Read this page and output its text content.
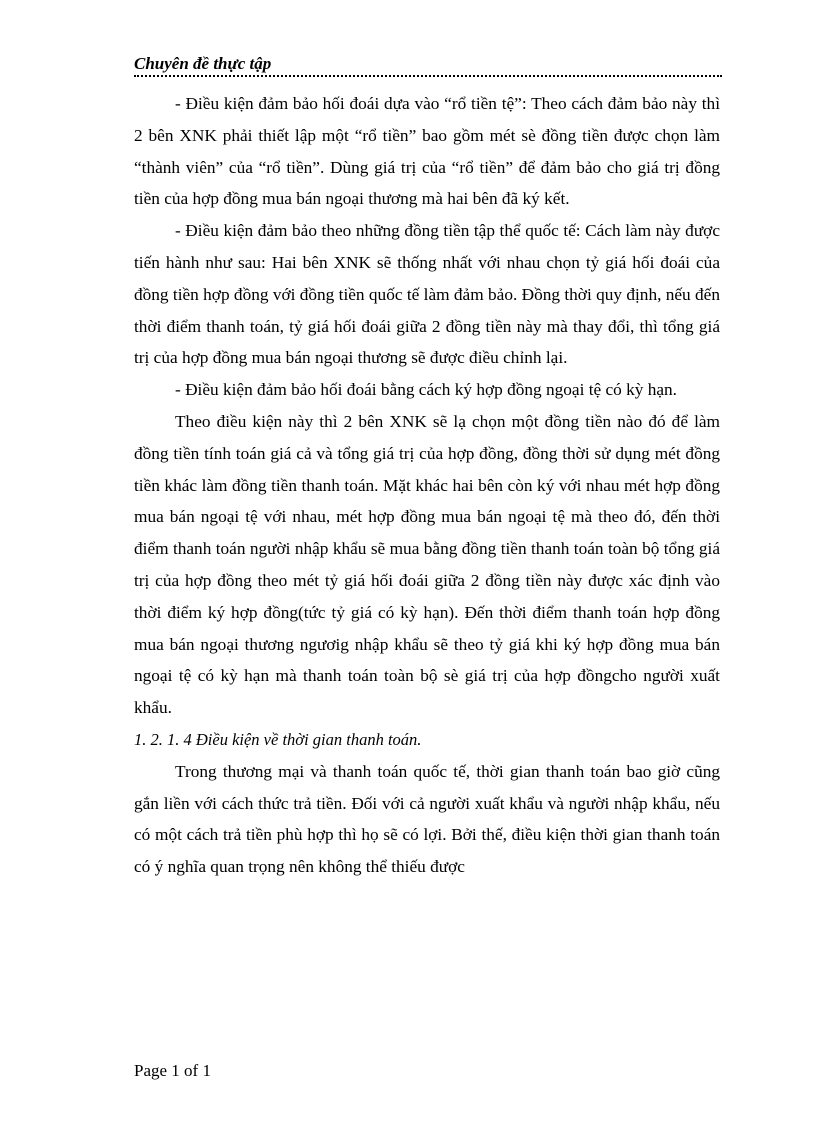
Chuyên đề thực tập

- Điều kiện đảm bảo hối đoái dựa vào “rổ tiền tệ”: Theo cách đảm bảo này thì 2 bên XNK phải thiết lập một “rổ tiền” bao gồm mét sè đồng tiền được chọn làm “thành viên” của “rổ tiền”. Dùng giá trị của “rổ tiền” để đảm bảo cho giá trị đồng tiền của hợp đồng mua bán ngoại thương mà hai bên đã ký kết.

- Điều kiện đảm bảo theo những đồng tiền tập thể quốc tế: Cách làm này được tiến hành như sau: Hai bên XNK sẽ thống nhất với nhau chọn tỷ giá hối đoái của đồng tiền hợp đồng với đồng tiền quốc tế làm đảm bảo. Đồng thời quy định, nếu đến thời điểm thanh toán, tỷ giá hối đoái giữa 2 đồng tiền này mà thay đổi, thì tổng giá trị của hợp đồng mua bán ngoại thương sẽ được điều chỉnh lại.

- Điều kiện đảm bảo hối đoái bằng cách ký hợp đồng ngoại tệ có kỳ hạn.

Theo điều kiện này thì 2 bên XNK sẽ lạ chọn một đồng tiền nào đó để làm đồng tiền tính toán giá cả và tổng giá trị của hợp đồng, đồng thời sử dụng mét đồng tiền khác làm đồng tiền thanh toán. Mặt khác hai bên còn ký với nhau mét hợp đồng mua bán ngoại tệ với nhau, mét hợp đồng mua bán ngoại tệ mà theo đó, đến thời điểm thanh toán người nhập khẩu sẽ mua bằng đồng tiền thanh toán toàn bộ tổng giá trị của hợp đồng theo mét tỷ giá hối đoái giữa 2 đồng tiền này được xác định vào thời điểm ký hợp đồng(tức tỷ giá có kỳ hạn). Đến thời điểm thanh toán hợp đồng mua bán ngoại thương ngươig nhập khẩu sẽ theo tỷ giá khi ký hợp đồng mua bán ngoại tệ có kỳ hạn mà thanh toán toàn bộ sè giá trị của hợp đồngcho người xuất khẩu.

1. 2. 1. 4 Điều kiện về thời gian thanh toán.

Trong thương mại và thanh toán quốc tế, thời gian thanh toán bao giờ cũng gắn liền với cách thức trả tiền. Đối với cả người xuất khẩu và người nhập khẩu, nếu có một cách trả tiền phù hợp thì họ sẽ có lợi. Bởi thế, điều kiện thời gian thanh toán có ý nghĩa quan trọng nên không thể thiếu được

Page 1 of 1
